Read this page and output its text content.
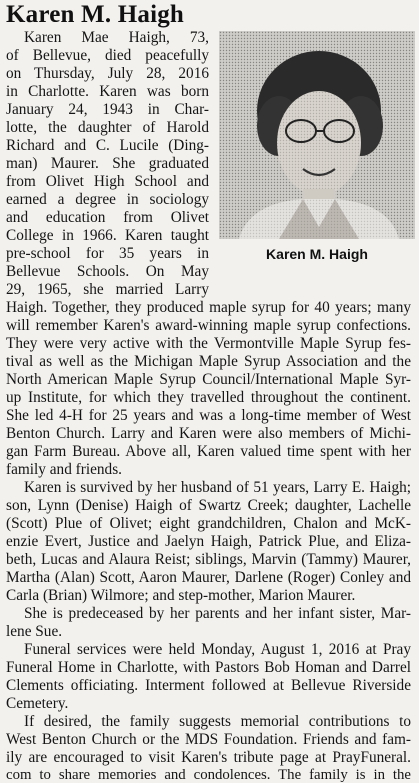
Karen M. Haigh
Karen Mae Haigh, 73,
of Bellevue, died peacefully
on Thursday, July 28, 2016
in Charlotte. Karen was born
January 24, 1943 in Char-
lotte, the daughter of Harold
Richard and C. Lucile (Ding-
man) Maurer. She graduated
from Olivet High School and
earned a degree in sociology
and education from Olivet
College in 1966. Karen taught
pre-school for 35 years in
Bellevue Schools. On May
29, 1965, she married Larry
Karen M. Haigh
Haigh. Together, they produced maple syrup for 40 years; many
will remember Karen's award-winning maple syrup confections.
They were very active with the Vermontville Maple Syrup fes-
tival as well as the Michigan Maple Syrup Association and the
North American Maple Syrup Council/International Maple Syr-
up Institute, for which they travelled throughout the continent.
She led 4-H for 25 years and was a long-time member of West
Benton Church. Larry and Karen were also members of Michi-
gan Farm Bureau. Above all, Karen valued time spent with her
family and friends.
Karen is survived by her husband of 51 years, Larry E. Haigh;
son, Lynn (Denise) Haigh of Swartz Creek; daughter, Lachelle
(Scott) Plue of Olivet; eight grandchildren, Chalon and McK-
enzie Evert, Justice and Jaelyn Haigh, Patrick Plue, and Eliza-
beth, Lucas and Alaura Reist; siblings, Marvin (Tammy) Maurer,
Martha (Alan) Scott, Aaron Maurer, Darlene (Roger) Conley and
Carla (Brian) Wilmore; and step-mother, Marion Maurer.
She is predeceased by her parents and her infant sister, Mar-
lene Sue.
Funeral services were held Monday, August 1, 2016 at Pray
Funeral Home in Charlotte, with Pastors Bob Homan and Darrel
Clements officiating. Interment followed at Bellevue Riverside
Cemetery.
If desired, the family suggests memorial contributions to
West Benton Church or the MDS Foundation. Friends and fam-
ily are encouraged to visit Karen's tribute page at PrayFuneral.
com to share memories and condolences. The family is in the
